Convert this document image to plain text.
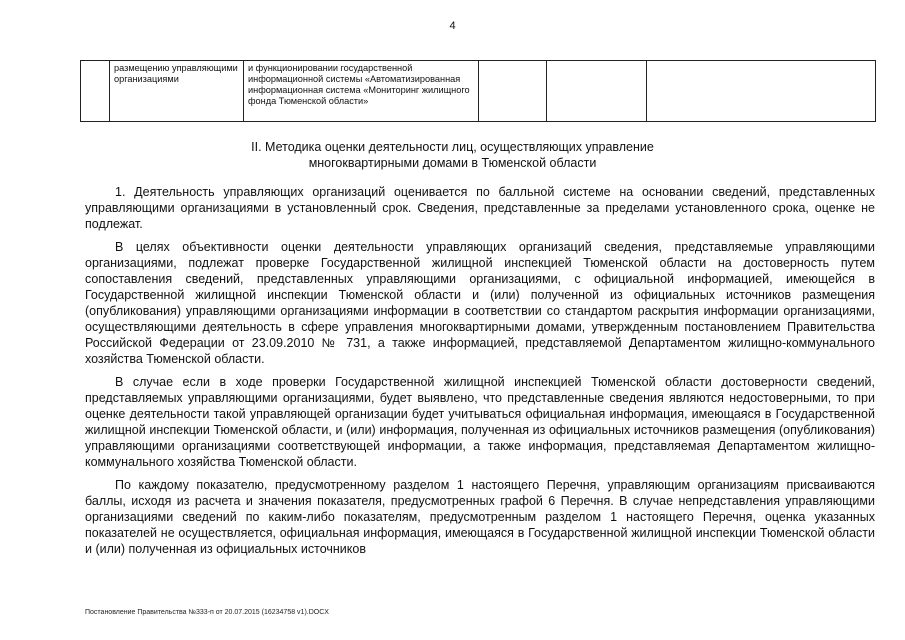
4
	размещению управляющими организациями	и функционировании государственной информационной системы «Автоматизированная информационная система «Мониторинг жилищного фонда Тюменской области»			
II. Методика оценки деятельности лиц, осуществляющих управление
многоквартирными домами в Тюменской области

1. Деятельность управляющих организаций оценивается по балльной системе на основании сведений, представленных управляющими организациями в установленный срок. Сведения, представленные за пределами установленного срока, оценке не подлежат.

В целях объективности оценки деятельности управляющих организаций сведения, представляемые управляющими организациями, подлежат проверке Государственной жилищной инспекцией Тюменской области на достоверность путем сопоставления сведений, представленных управляющими организациями, с официальной информацией, имеющейся в Государственной жилищной инспекции Тюменской области и (или) полученной из официальных источников размещения (опубликования) управляющими организациями информации в соответствии со стандартом раскрытия информации организациями, осуществляющими деятельность в сфере управления многоквартирными домами, утвержденным постановлением Правительства Российской Федерации от 23.09.2010 № 731, а также информацией, представляемой Департаментом жилищно-коммунального хозяйства Тюменской области.

В случае если в ходе проверки Государственной жилищной инспекцией Тюменской области достоверности сведений, представляемых управляющими организациями, будет выявлено, что представленные сведения являются недостоверными, то при оценке деятельности такой управляющей организации будет учитываться официальная информация, имеющаяся в Государственной жилищной инспекции Тюменской области, и (или) информация, полученная из официальных источников размещения (опубликования) управляющими организациями соответствующей информации, а также информация, представляемая Департаментом жилищно-коммунального хозяйства Тюменской области.

По каждому показателю, предусмотренному разделом 1 настоящего Перечня, управляющим организациям присваиваются баллы, исходя из расчета и значения показателя, предусмотренных графой 6 Перечня. В случае непредставления управляющими организациями сведений по каким-либо показателям, предусмотренным разделом 1 настоящего Перечня, оценка указанных показателей не осуществляется, официальная информация, имеющаяся в Государственной жилищной инспекции Тюменской области и (или) полученная из официальных источников

Постановление Правительства №333-п от 20.07.2015 (16234758 v1).DOCX
